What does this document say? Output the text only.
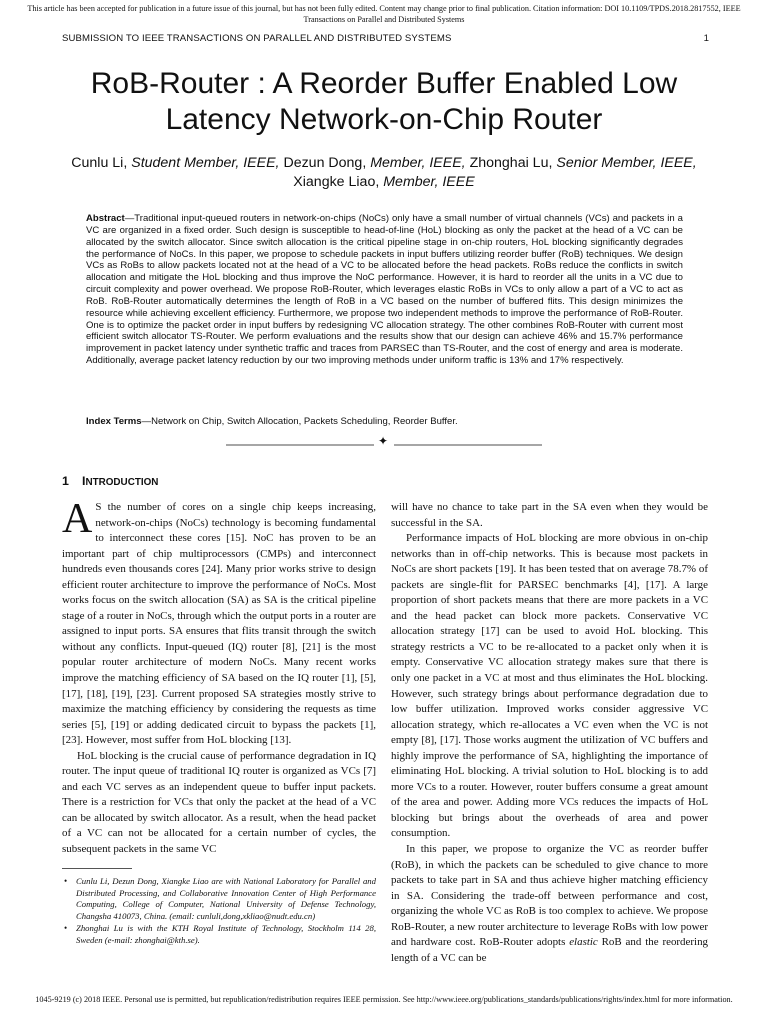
This article has been accepted for publication in a future issue of this journal, but has not been fully edited. Content may change prior to final publication. Citation information: DOI 10.1109/TPDS.2018.2817552, IEEE Transactions on Parallel and Distributed Systems
SUBMISSION TO IEEE TRANSACTIONS ON PARALLEL AND DISTRIBUTED SYSTEMS	1
RoB-Router : A Reorder Buffer Enabled Low Latency Network-on-Chip Router
Cunlu Li, Student Member, IEEE, Dezun Dong, Member, IEEE, Zhonghai Lu, Senior Member, IEEE,
Xiangke Liao, Member, IEEE
Abstract—Traditional input-queued routers in network-on-chips (NoCs) only have a small number of virtual channels (VCs) and packets in a VC are organized in a fixed order. Such design is susceptible to head-of-line (HoL) blocking as only the packet at the head of a VC can be allocated by the switch allocator. Since switch allocation is the critical pipeline stage in on-chip routers, HoL blocking significantly degrades the performance of NoCs. In this paper, we propose to schedule packets in input buffers utilizing reorder buffer (RoB) techniques. We design VCs as RoBs to allow packets located not at the head of a VC to be allocated before the head packets. RoBs reduce the conflicts in switch allocation and mitigate the HoL blocking and thus improve the NoC performance. However, it is hard to reorder all the units in a VC due to circuit complexity and power overhead. We propose RoB-Router, which leverages elastic RoBs in VCs to only allow a part of a VC to act as RoB. RoB-Router automatically determines the length of RoB in a VC based on the number of buffered flits. This design minimizes the resource while achieving excellent efficiency. Furthermore, we propose two independent methods to improve the performance of RoB-Router. One is to optimize the packet order in input buffers by redesigning VC allocation strategy. The other combines RoB-Router with current most efficient switch allocator TS-Router. We perform evaluations and the results show that our design can achieve 46% and 15.7% performance improvement in packet latency under synthetic traffic and traces from PARSEC than TS-Router, and the cost of energy and area is moderate. Additionally, average packet latency reduction by our two improving methods under uniform traffic is 13% and 17% respectively.
Index Terms—Network on Chip, Switch Allocation, Packets Scheduling, Reorder Buffer.
✦
1 INTRODUCTION

A S the number of cores on a single chip keeps increasing, network-on-chips (NoCs) technology is becoming fundamental to interconnect these cores [15]. NoC has proven to be an important part of chip multiprocessors (CMPs) and interconnect hundreds even thousands cores [24]. Many prior works strive to design efficient router architecture to improve the performance of NoCs. Most works focus on the switch allocation (SA) as SA is the critical pipeline stage of a router in NoCs, through which the output ports in a router are assigned to input ports. SA ensures that flits transit through the switch without any conflicts. Input-queued (IQ) router [8], [21] is the most popular router architecture of modern NoCs. Many recent works improve the matching efficiency of SA based on the IQ router [1], [5], [17], [18], [19], [23]. Current proposed SA strategies mostly strive to maximize the matching efficiency by considering the requests as time series [5], [19] or adding dedicated circuit to bypass the packets [1], [23]. However, most suffer from HoL blocking [13].

HoL blocking is the crucial cause of performance degradation in IQ router. The input queue of traditional IQ router is organized as VCs [7] and each VC serves as an independent queue to buffer input packets. There is a restriction for VCs that only the packet at the head of a VC can be allocated by switch allocator. As a result, when the head packet of a VC can not be allocated for a certain number of cycles, the subsequent packets in the same VC

will have no chance to take part in the SA even when they would be successful in the SA.

Performance impacts of HoL blocking are more obvious in on-chip networks than in off-chip networks. This is because most packets in NoCs are short packets [19]. It has been tested that on average 78.7% of packets are single-flit for PARSEC benchmarks [4], [17]. A large proportion of short packets means that there are more packets in a VC and the head packet can block more packets. Conservative VC allocation strategy [17] can be used to avoid HoL blocking. This strategy restricts a VC to be re-allocated to a packet only when it is empty. Conservative VC allocation strategy makes sure that there is only one packet in a VC at most and thus eliminates the HoL blocking. However, such strategy brings about performance degradation due to low buffer utilization. Improved works consider aggressive VC allocation strategy, which re-allocates a VC even when the VC is not empty [8], [17]. Those works augment the utilization of VC buffers and highly improve the performance of SA, highlighting the importance of eliminating HoL blocking. A trivial solution to HoL blocking is to add more VCs to a router. However, router buffers consume a great amount of the area and power. Adding more VCs reduces the impacts of HoL blocking but brings about the overheads of area and power consumption.

In this paper, we propose to organize the VC as reorder buffer (RoB), in which the packets can be scheduled to give chance to more packets to take part in SA and thus achieve higher matching efficiency in SA. Considering the trade-off between performance and cost, organizing the whole VC as RoB is too complex to achieve. We propose RoB-Router, a new router architecture to leverage RoBs with low power and hardware cost. RoB-Router adopts elastic RoB and the reordering length of a VC can be

• Cunlu Li, Dezun Dong, Xiangke Liao are with National Laboratory for Parallel and Distributed Processing, and Collaborative Innovation Center of High Performance Computing, College of Computer, National University of Defense Technology, Changsha 410073, China. (email: cunluli,dong,xkliao@nudt.edu.cn)
• Zhonghai Lu is with the KTH Royal Institute of Technology, Stockholm 114 28, Sweden (e-mail: zhonghai@kth.se).
1045-9219 (c) 2018 IEEE. Personal use is permitted, but republication/redistribution requires IEEE permission. See http://www.ieee.org/publications_standards/publications/rights/index.html for more information.
